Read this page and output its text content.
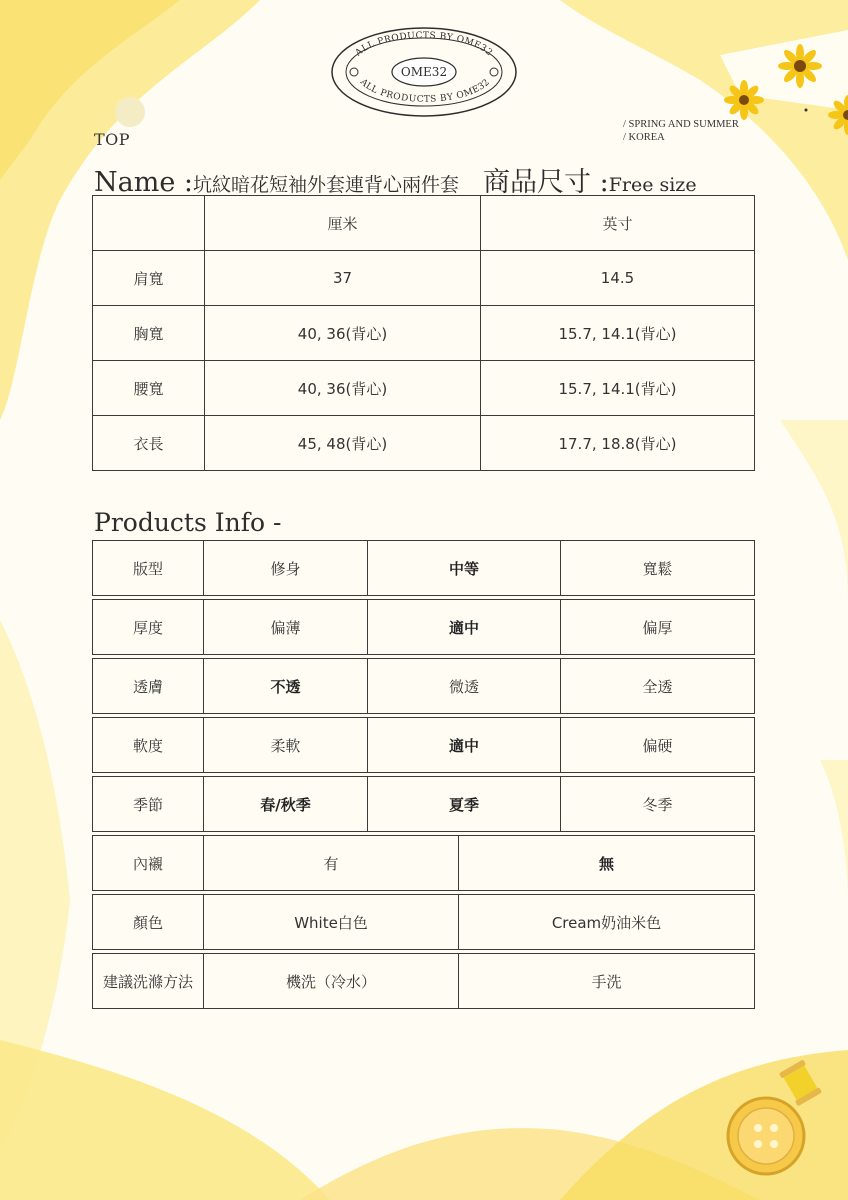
ALL PRODUCTS BY OME32
ALL PRODUCTS BY OME32
OME32
TOP
/ SPRING AND SUMMER
/ KOREA
Name :坑紋暗花短袖外套連背心兩件套 商品尺寸 :Free size
	厘米	英寸
肩寬	37	14.5
胸寬	40, 36(背心)	15.7, 14.1(背心)
腰寬	40, 36(背心)	15.7, 14.1(背心)
衣長	45, 48(背心)	17.7, 18.8(背心)
Products Info -
版型	修身	中等	寬鬆
厚度	偏薄	適中	偏厚
透膚	不透	微透	全透
軟度	柔軟	適中	偏硬
季節	春/秋季	夏季	冬季
內襯	有	無
顏色	White白色	Cream奶油米色
建議洗滌方法	機洗（冷水）	手洗
